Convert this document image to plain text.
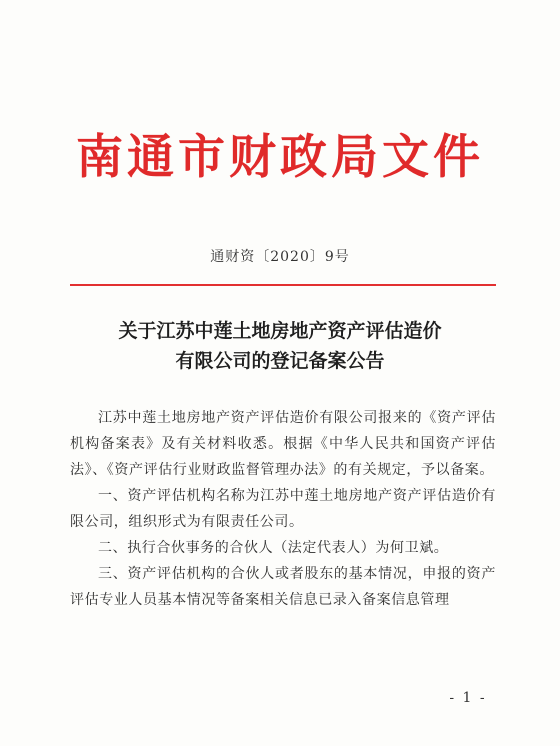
南通市财政局文件
通财资〔2020〕9号
关于江苏中莲土地房地产资产评估造价
有限公司的登记备案公告

江苏中莲土地房地产资产评估造价有限公司报来的《资产评估机构备案表》及有关材料收悉。根据《中华人民共和国资产评估法》、《资产评估行业财政监督管理办法》的有关规定，予以备案。

一、资产评估机构名称为江苏中莲土地房地产资产评估造价有限公司，组织形式为有限责任公司。

二、执行合伙事务的合伙人（法定代表人）为何卫斌。

三、资产评估机构的合伙人或者股东的基本情况，申报的资产评估专业人员基本情况等备案相关信息已录入备案信息管理

- 1 -
